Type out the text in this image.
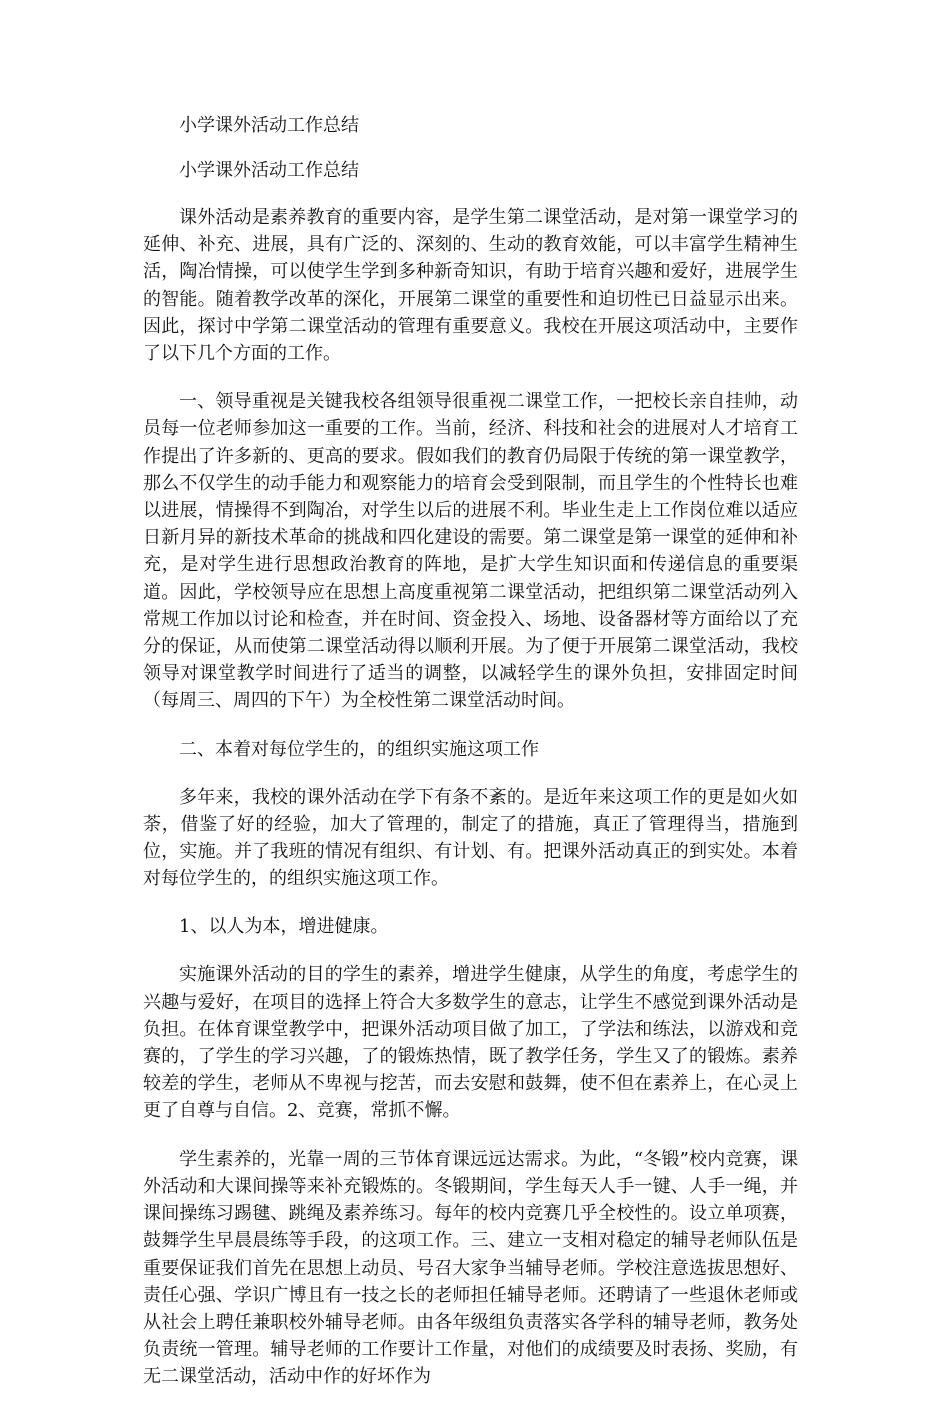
小学课外活动工作总结
小学课外活动工作总结

课外活动是素养教育的重要内容，是学生第二课堂活动，是对第一课堂学习的延伸、补充、进展，具有广泛的、深刻的、生动的教育效能，可以丰富学生精神生活，陶冶情操，可以使学生学到多种新奇知识，有助于培育兴趣和爱好，进展学生的智能。随着教学改革的深化，开展第二课堂的重要性和迫切性已日益显示出来。因此，探讨中学第二课堂活动的管理有重要意义。我校在开展这项活动中，主要作了以下几个方面的工作。

一、领导重视是关键我校各组领导很重视二课堂工作，一把校长亲自挂帅，动员每一位老师参加这一重要的工作。当前，经济、科技和社会的进展对人才培育工作提出了许多新的、更高的要求。假如我们的教育仍局限于传统的第一课堂教学，那么不仅学生的动手能力和观察能力的培育会受到限制，而且学生的个性特长也难以进展，情操得不到陶冶，对学生以后的进展不利。毕业生走上工作岗位难以适应日新月异的新技术革命的挑战和四化建设的需要。第二课堂是第一课堂的延伸和补充，是对学生进行思想政治教育的阵地，是扩大学生知识面和传递信息的重要渠道。因此，学校领导应在思想上高度重视第二课堂活动，把组织第二课堂活动列入常规工作加以讨论和检查，并在时间、资金投入、场地、设备器材等方面给以了充分的保证，从而使第二课堂活动得以顺利开展。为了便于开展第二课堂活动，我校领导对课堂教学时间进行了适当的调整，以减轻学生的课外负担，安排固定时间（每周三、周四的下午）为全校性第二课堂活动时间。

二、本着对每位学生的，的组织实施这项工作

多年来，我校的课外活动在学下有条不紊的。是近年来这项工作的更是如火如荼，借鉴了好的经验，加大了管理的，制定了的措施，真正了管理得当，措施到位，实施。并了我班的情况有组织、有计划、有。把课外活动真正的到实处。本着对每位学生的，的组织实施这项工作。

1、以人为本，增进健康。

实施课外活动的目的学生的素养，增进学生健康，从学生的角度，考虑学生的兴趣与爱好，在项目的选择上符合大多数学生的意志，让学生不感觉到课外活动是负担。在体育课堂教学中，把课外活动项目做了加工，了学法和练法，以游戏和竞赛的，了学生的学习兴趣，了的锻炼热情，既了教学任务，学生又了的锻炼。素养较差的学生，老师从不卑视与挖苦，而去安慰和鼓舞，使不但在素养上，在心灵上更了自尊与自信。2、竞赛，常抓不懈。

学生素养的，光靠一周的三节体育课远远达需求。为此，“冬锻”校内竞赛，课外活动和大课间操等来补充锻炼的。冬锻期间，学生每天人手一键、人手一绳，并课间操练习踢毽、跳绳及素养练习。每年的校内竞赛几乎全校性的。设立单项赛，鼓舞学生早晨晨练等手段，的这项工作。三、建立一支相对稳定的辅导老师队伍是重要保证我们首先在思想上动员、号召大家争当辅导老师。学校注意选拔思想好、责任心强、学识广博且有一技之长的老师担任辅导老师。还聘请了一些退休老师或从社会上聘任兼职校外辅导老师。由各年级组负责落实各学科的辅导老师，教务处负责统一管理。辅导老师的工作要计工作量，对他们的成绩要及时表扬、奖励，有无二课堂活动，活动中作的好坏作为
